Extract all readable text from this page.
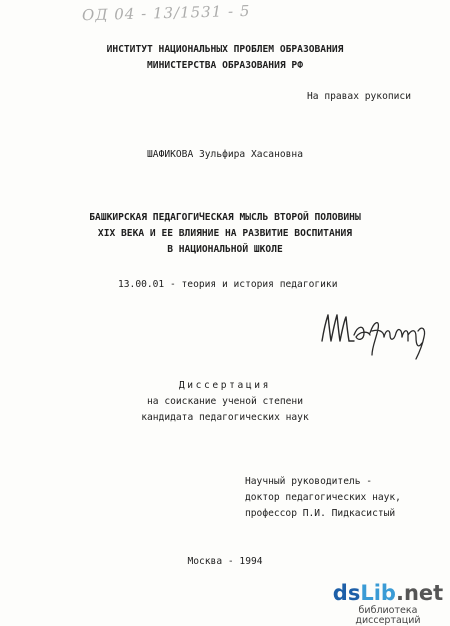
ОД 04 - 13/1531 - 5
ИНСТИТУТ НАЦИОНАЛЬНЫХ ПРОБЛЕМ ОБРАЗОВАНИЯ
МИНИСТЕРСТВА ОБРАЗОВАНИЯ РФ
На правах рукописи
ШАФИКОВА Зульфира Хасановна
БАШКИРСКАЯ ПЕДАГОГИЧЕСКАЯ МЫСЛЬ ВТОРОЙ ПОЛОВИНЫ
XIX ВЕКА И ЕЕ ВЛИЯНИЕ НА РАЗВИТИЕ ВОСПИТАНИЯ
В НАЦИОНАЛЬНОЙ ШКОЛЕ
13.00.01 - теория и история педагогики
Диссертация
на соискание ученой степени
кандидата педагогических наук
Научный руководитель -
доктор педагогических наук,
профессор П.И. Пидкасистый
Москва - 1994
dsLib.net
библиотека диссертаций
